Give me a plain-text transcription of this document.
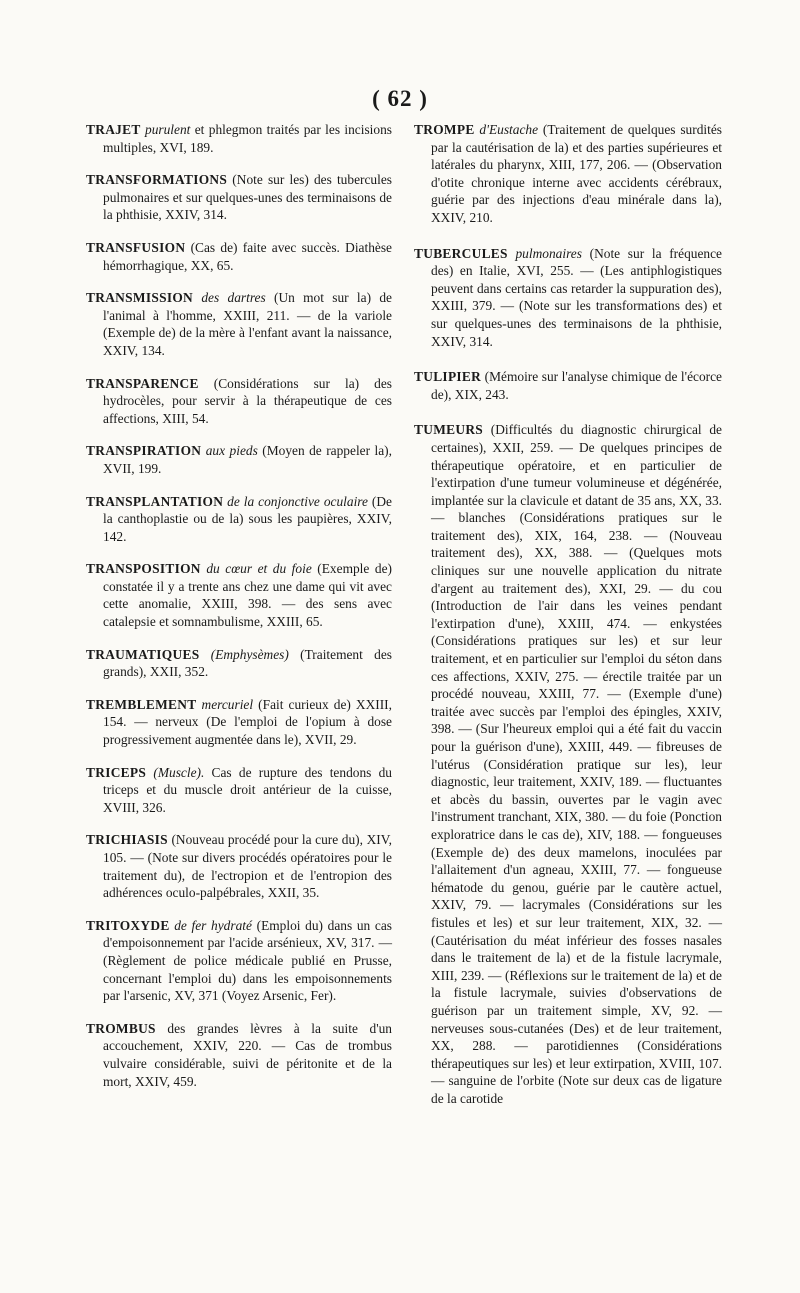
( 62 )

TRAJET purulent et phlegmon traités par les incisions multiples, XVI, 189.

TRANSFORMATIONS (Note sur les) des tubercules pulmonaires et sur quelques-unes des terminaisons de la phthisie, XXIV, 314.

TRANSFUSION (Cas de) faite avec succès. Diathèse hémorrhagique, XX, 65.

TRANSMISSION des dartres (Un mot sur la) de l'animal à l'homme, XXIII, 211. — de la variole (Exemple de) de la mère à l'enfant avant la naissance, XXIV, 134.

TRANSPARENCE (Considérations sur la) des hydrocèles, pour servir à la thérapeutique de ces affections, XIII, 54.

TRANSPIRATION aux pieds (Moyen de rappeler la), XVII, 199.

TRANSPLANTATION de la conjonctive oculaire (De la canthoplastie ou de la) sous les paupières, XXIV, 142.

TRANSPOSITION du cœur et du foie (Exemple de) constatée il y a trente ans chez une dame qui vit avec cette anomalie, XXIII, 398. — des sens avec catalepsie et somnambulisme, XXIII, 65.

TRAUMATIQUES (Emphysèmes) (Traitement des grands), XXII, 352.

TREMBLEMENT mercuriel (Fait curieux de) XXIII, 154. — nerveux (De l'emploi de l'opium à dose progressivement augmentée dans le), XVII, 29.

TRICEPS (Muscle). Cas de rupture des tendons du triceps et du muscle droit antérieur de la cuisse, XVIII, 326.

TRICHIASIS (Nouveau procédé pour la cure du), XIV, 105. — (Note sur divers procédés opératoires pour le traitement du), de l'ectropion et de l'entropion des adhérences oculo-palpébrales, XXII, 35.

TRITOXYDE de fer hydraté (Emploi du) dans un cas d'empoisonnement par l'acide arsénieux, XV, 317. — (Règlement de police médicale publié en Prusse, concernant l'emploi du) dans les empoisonnements par l'arsenic, XV, 371 (Voyez Arsenic, Fer).

TROMBUS des grandes lèvres à la suite d'un accouchement, XXIV, 220. — Cas de trombus vulvaire considérable, suivi de péritonite et de la mort, XXIV, 459.

TROMPE d'Eustache (Traitement de quelques surdités par la cautérisation de la) et des parties supérieures et latérales du pharynx, XIII, 177, 206. — (Observation d'otite chronique interne avec accidents cérébraux, guérie par des injections d'eau minérale dans la), XXIV, 210.

TUBERCULES pulmonaires (Note sur la fréquence des) en Italie, XVI, 255. — (Les antiphlogistiques peuvent dans certains cas retarder la suppuration des), XXIII, 379. — (Note sur les transformations des) et sur quelques-unes des terminaisons de la phthisie, XXIV, 314.

TULIPIER (Mémoire sur l'analyse chimique de l'écorce de), XIX, 243.

TUMEURS (Difficultés du diagnostic chirurgical de certaines), XXII, 259. — De quelques principes de thérapeutique opératoire, et en particulier de l'extirpation d'une tumeur volumineuse et dégénérée, implantée sur la clavicule et datant de 35 ans, XX, 33. — blanches (Considérations pratiques sur le traitement des), XIX, 164, 238. — (Nouveau traitement des), XX, 388. — (Quelques mots cliniques sur une nouvelle application du nitrate d'argent au traitement des), XXI, 29. — du cou (Introduction de l'air dans les veines pendant l'extirpation d'une), XXIII, 474. — enkystées (Considérations pratiques sur les) et sur leur traitement, et en particulier sur l'emploi du séton dans ces affections, XXIV, 275. — érectile traitée par un procédé nouveau, XXIII, 77. — (Exemple d'une) traitée avec succès par l'emploi des épingles, XXIV, 398. — (Sur l'heureux emploi qui a été fait du vaccin pour la guérison d'une), XXIII, 449. — fibreuses de l'utérus (Considération pratique sur les), leur diagnostic, leur traitement, XXIV, 189. — fluctuantes et abcès du bassin, ouvertes par le vagin avec l'instrument tranchant, XIX, 380. — du foie (Ponction exploratrice dans le cas de), XIV, 188. — fongueuses (Exemple de) des deux mamelons, inoculées par l'allaitement d'un agneau, XXIII, 77. — fongueuse hématode du genou, guérie par le cautère actuel, XXIV, 79. — lacrymales (Considérations sur les fistules et les) et sur leur traitement, XIX, 32. — (Cautérisation du méat inférieur des fosses nasales dans le traitement de la) et de la fistule lacrymale, XIII, 239. — (Réflexions sur le traitement de la) et de la fistule lacrymale, suivies d'observations de guérison par un traitement simple, XV, 92. — nerveuses sous-cutanées (Des) et de leur traitement, XX, 288. — parotidiennes (Considérations thérapeutiques sur les) et leur extirpation, XVIII, 107. — sanguine de l'orbite (Note sur deux cas de ligature de la carotide
